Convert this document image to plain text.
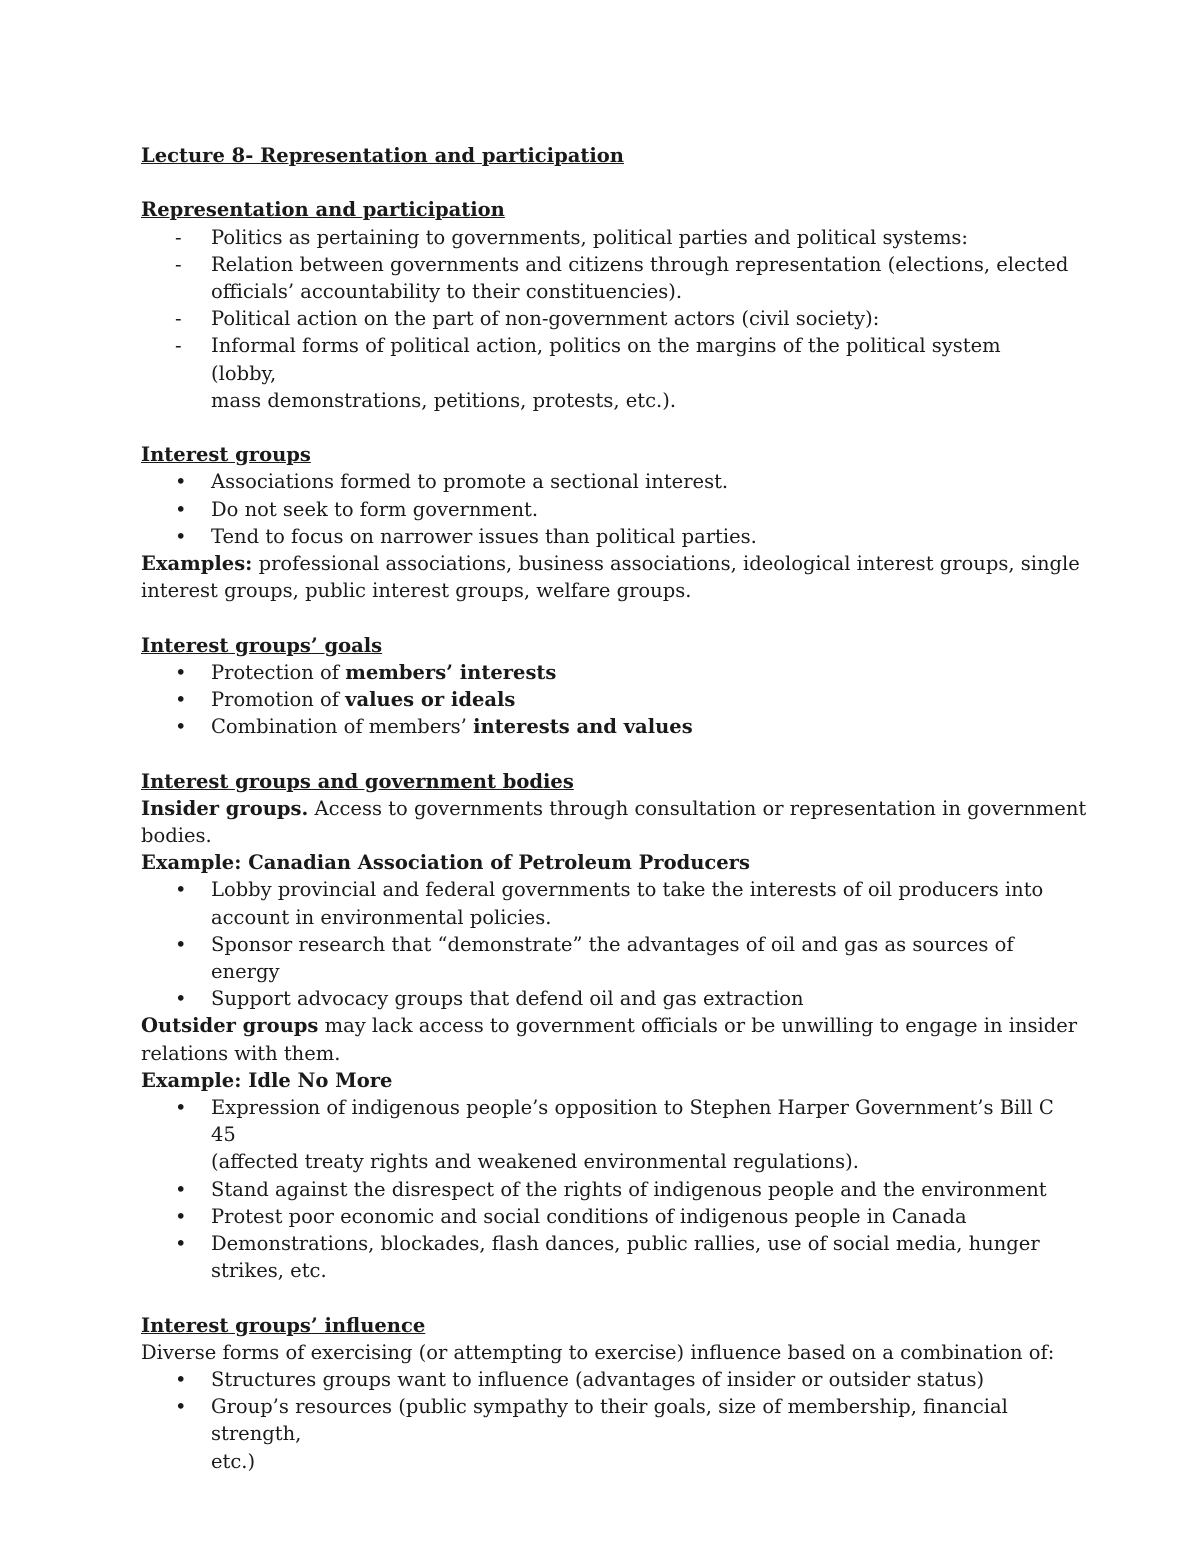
Lecture 8- Representation and participation
Representation and participation
- Politics as pertaining to governments, political parties and political systems:
- Relation between governments and citizens through representation (elections, elected
officials’ accountability to their constituencies).
- Political action on the part of non-government actors (civil society):
- Informal forms of political action, politics on the margins of the political system (lobby,
mass demonstrations, petitions, protests, etc.).
Interest groups
• Associations formed to promote a sectional interest.
• Do not seek to form government.
• Tend to focus on narrower issues than political parties.
Examples: professional associations, business associations, ideological interest groups, single
interest groups, public interest groups, welfare groups.
Interest groups’ goals
• Protection of members’ interests
• Promotion of values or ideals
• Combination of members’ interests and values
Interest groups and government bodies
Insider groups. Access to governments through consultation or representation in government
bodies.
Example: Canadian Association of Petroleum Producers
• Lobby provincial and federal governments to take the interests of oil producers into
account in environmental policies.
• Sponsor research that “demonstrate” the advantages of oil and gas as sources of energy
• Support advocacy groups that defend oil and gas extraction
Outsider groups may lack access to government officials or be unwilling to engage in insider
relations with them.
Example: Idle No More
• Expression of indigenous people’s opposition to Stephen Harper Government’s Bill C 45
(affected treaty rights and weakened environmental regulations).
• Stand against the disrespect of the rights of indigenous people and the environment
• Protest poor economic and social conditions of indigenous people in Canada
• Demonstrations, blockades, flash dances, public rallies, use of social media, hunger
strikes, etc.
Interest groups’ influence
Diverse forms of exercising (or attempting to exercise) influence based on a combination of:
• Structures groups want to influence (advantages of insider or outsider status)
• Group’s resources (public sympathy to their goals, size of membership, financial strength,
etc.)
